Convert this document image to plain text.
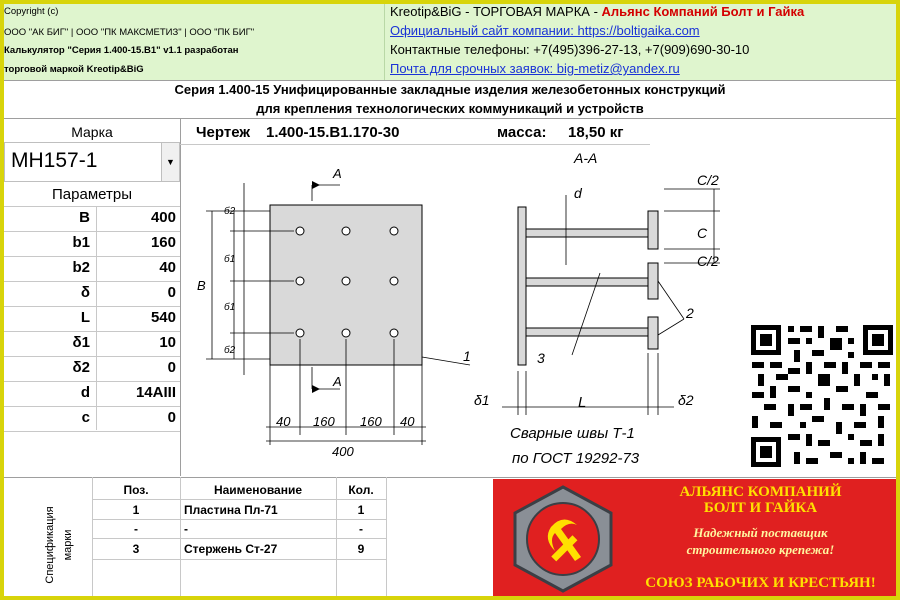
Copyright (c)
ООО "АК БИГ" | ООО "ПК МАКСМЕТИЗ" | ООО "ПК БИГ"
Калькулятор "Серия 1.400-15.В1" v1.1 разработан
торговой маркой Kreotip&BiG
Kreotip&BiG - ТОРГОВАЯ МАРКА - Альянс Компаний Болт и Гайка
Официальный сайт компании: https://boltigaika.com
Контактные телефоны: +7(495)396-27-13, +7(909)690-30-10
Почта для срочных заявок: big-metiz@yandex.ru
Серия 1.400-15 Унифицированные закладные изделия железобетонных конструкций
для крепления технологических коммуникаций и устройств
Марка
МН157-1	▼
Параметры
B	400
b1	160
b2	40
δ	0
L	540
δ1	10
δ2	0
d	14AIII
c	0
Чертеж 1.400-15.В1.170-30	масса: 18,50 кг
А-А
А
А
d
С/2
С
С/2
В
б2
б1
б1
б2
δ1	δ2
L
40 160 160 40
400
1
2
3
Сварные швы Т-1
по ГОСТ 19292-73
Спецификация марки
Поз.	Наименование	Кол.
1	Пластина Пл-71	1
-	-	-
3	Стержень Ст-27	9
АЛЬЯНС КОМПАНИЙ
БОЛТ И ГАЙКА
Надежный поставщик
строительного крепежа!
СОЮЗ РАБОЧИХ И КРЕСТЬЯН!
